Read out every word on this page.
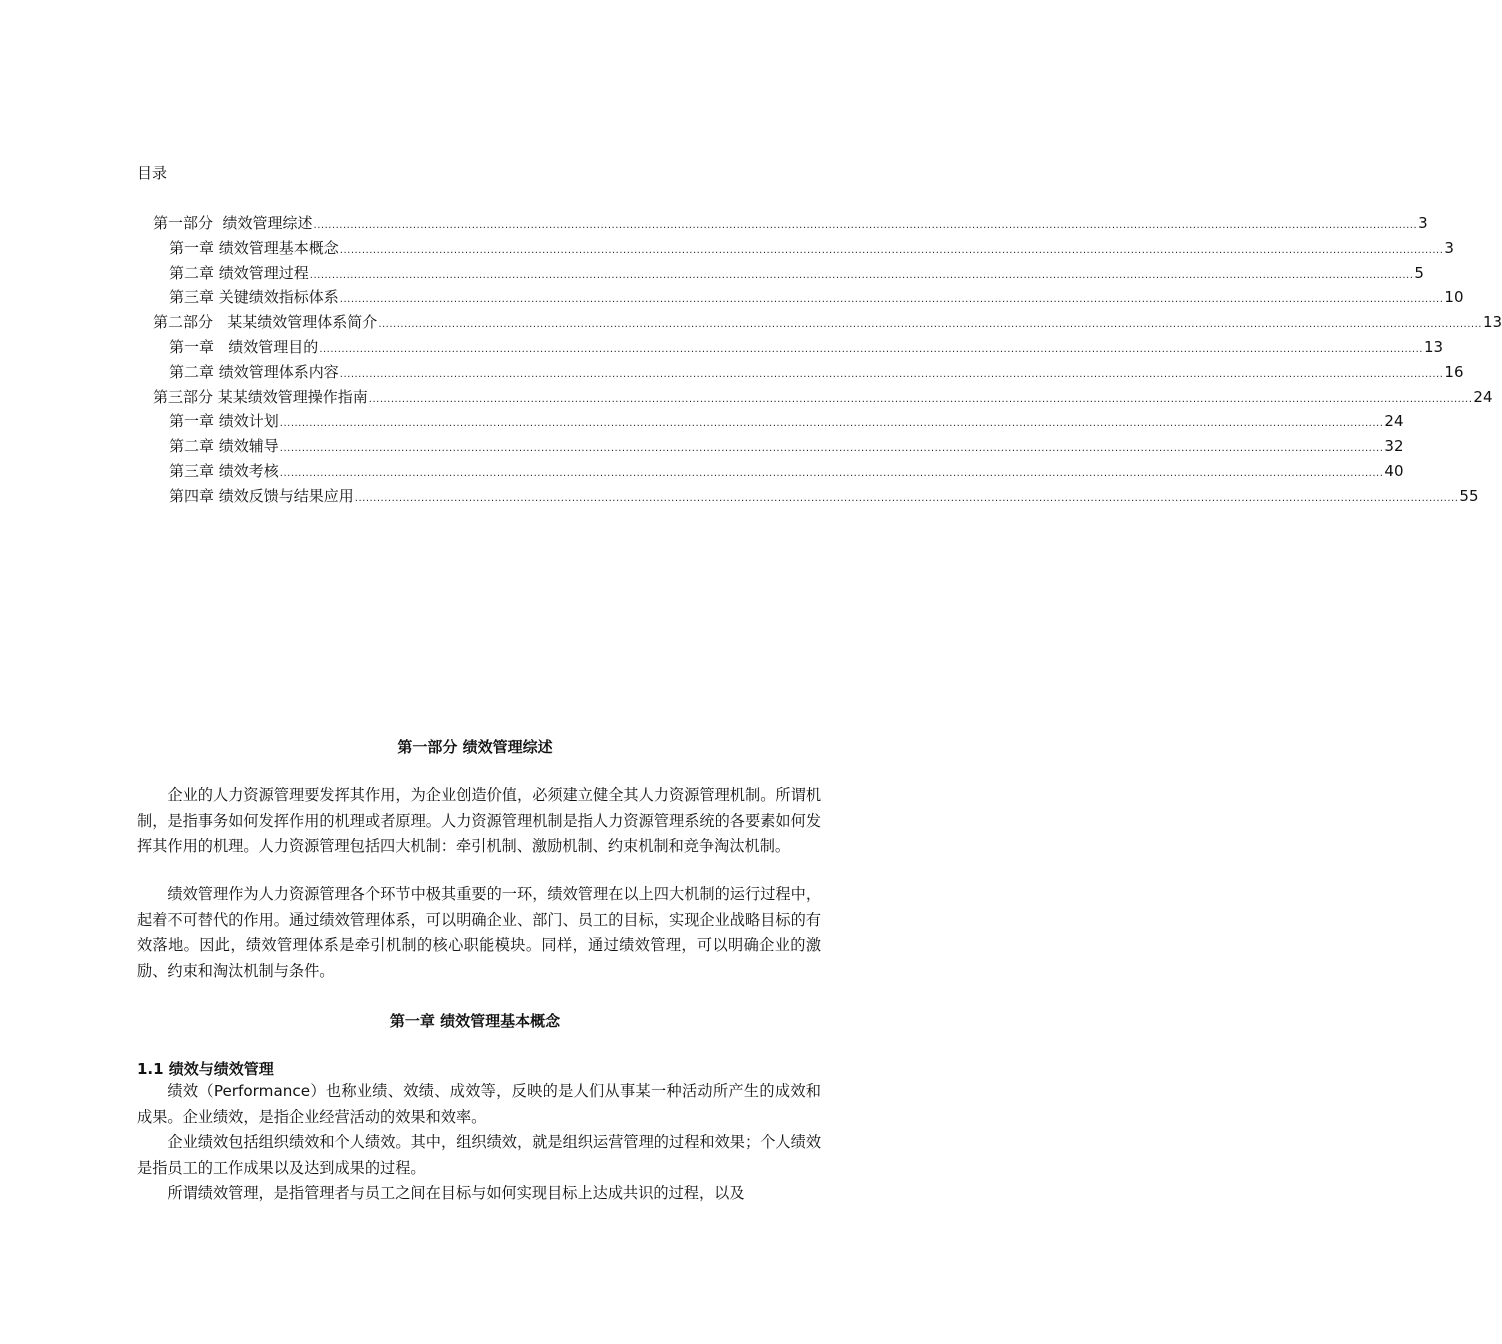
目录
第一部分  绩效管理综述 ............................................................................................................................................................................................................................................................................................................ 3
第一章 绩效管理基本概念 ............................................................................................................................................................................................................................................................................................................ 3
第二章 绩效管理过程 ............................................................................................................................................................................................................................................................................................................ 5
第三章 关键绩效指标体系 ............................................................................................................................................................................................................................................................................................................ 10
第二部分   某某绩效管理体系简介 ............................................................................................................................................................................................................................................................................................................ 13
第一章   绩效管理目的 ............................................................................................................................................................................................................................................................................................................ 13
第二章 绩效管理体系内容 ............................................................................................................................................................................................................................................................................................................ 16
第三部分 某某绩效管理操作指南 ............................................................................................................................................................................................................................................................................................................ 24
第一章 绩效计划 ............................................................................................................................................................................................................................................................................................................ 24
第二章 绩效辅导 ............................................................................................................................................................................................................................................................................................................ 32
第三章 绩效考核 ............................................................................................................................................................................................................................................................................................................ 40
第四章 绩效反馈与结果应用 ............................................................................................................................................................................................................................................................................................................ 55
第一部分 绩效管理综述
企业的人力资源管理要发挥其作用，为企业创造价值，必须建立健全其人力资源管理机制。所谓机制，是指事务如何发挥作用的机理或者原理。人力资源管理机制是指人力资源管理系统的各要素如何发挥其作用的机理。人力资源管理包括四大机制：牵引机制、激励机制、约束机制和竞争淘汰机制。
绩效管理作为人力资源管理各个环节中极其重要的一环，绩效管理在以上四大机制的运行过程中，起着不可替代的作用。通过绩效管理体系，可以明确企业、部门、员工的目标，实现企业战略目标的有效落地。因此，绩效管理体系是牵引机制的核心职能模块。同样，通过绩效管理，可以明确企业的激励、约束和淘汰机制与条件。
第一章 绩效管理基本概念
1.1 绩效与绩效管理
绩效（Performance）也称业绩、效绩、成效等，反映的是人们从事某一种活动所产生的成效和成果。企业绩效，是指企业经营活动的效果和效率。
企业绩效包括组织绩效和个人绩效。其中，组织绩效，就是组织运营管理的过程和效果；个人绩效是指员工的工作成果以及达到成果的过程。
所谓绩效管理，是指管理者与员工之间在目标与如何实现目标上达成共识的过程，以及
